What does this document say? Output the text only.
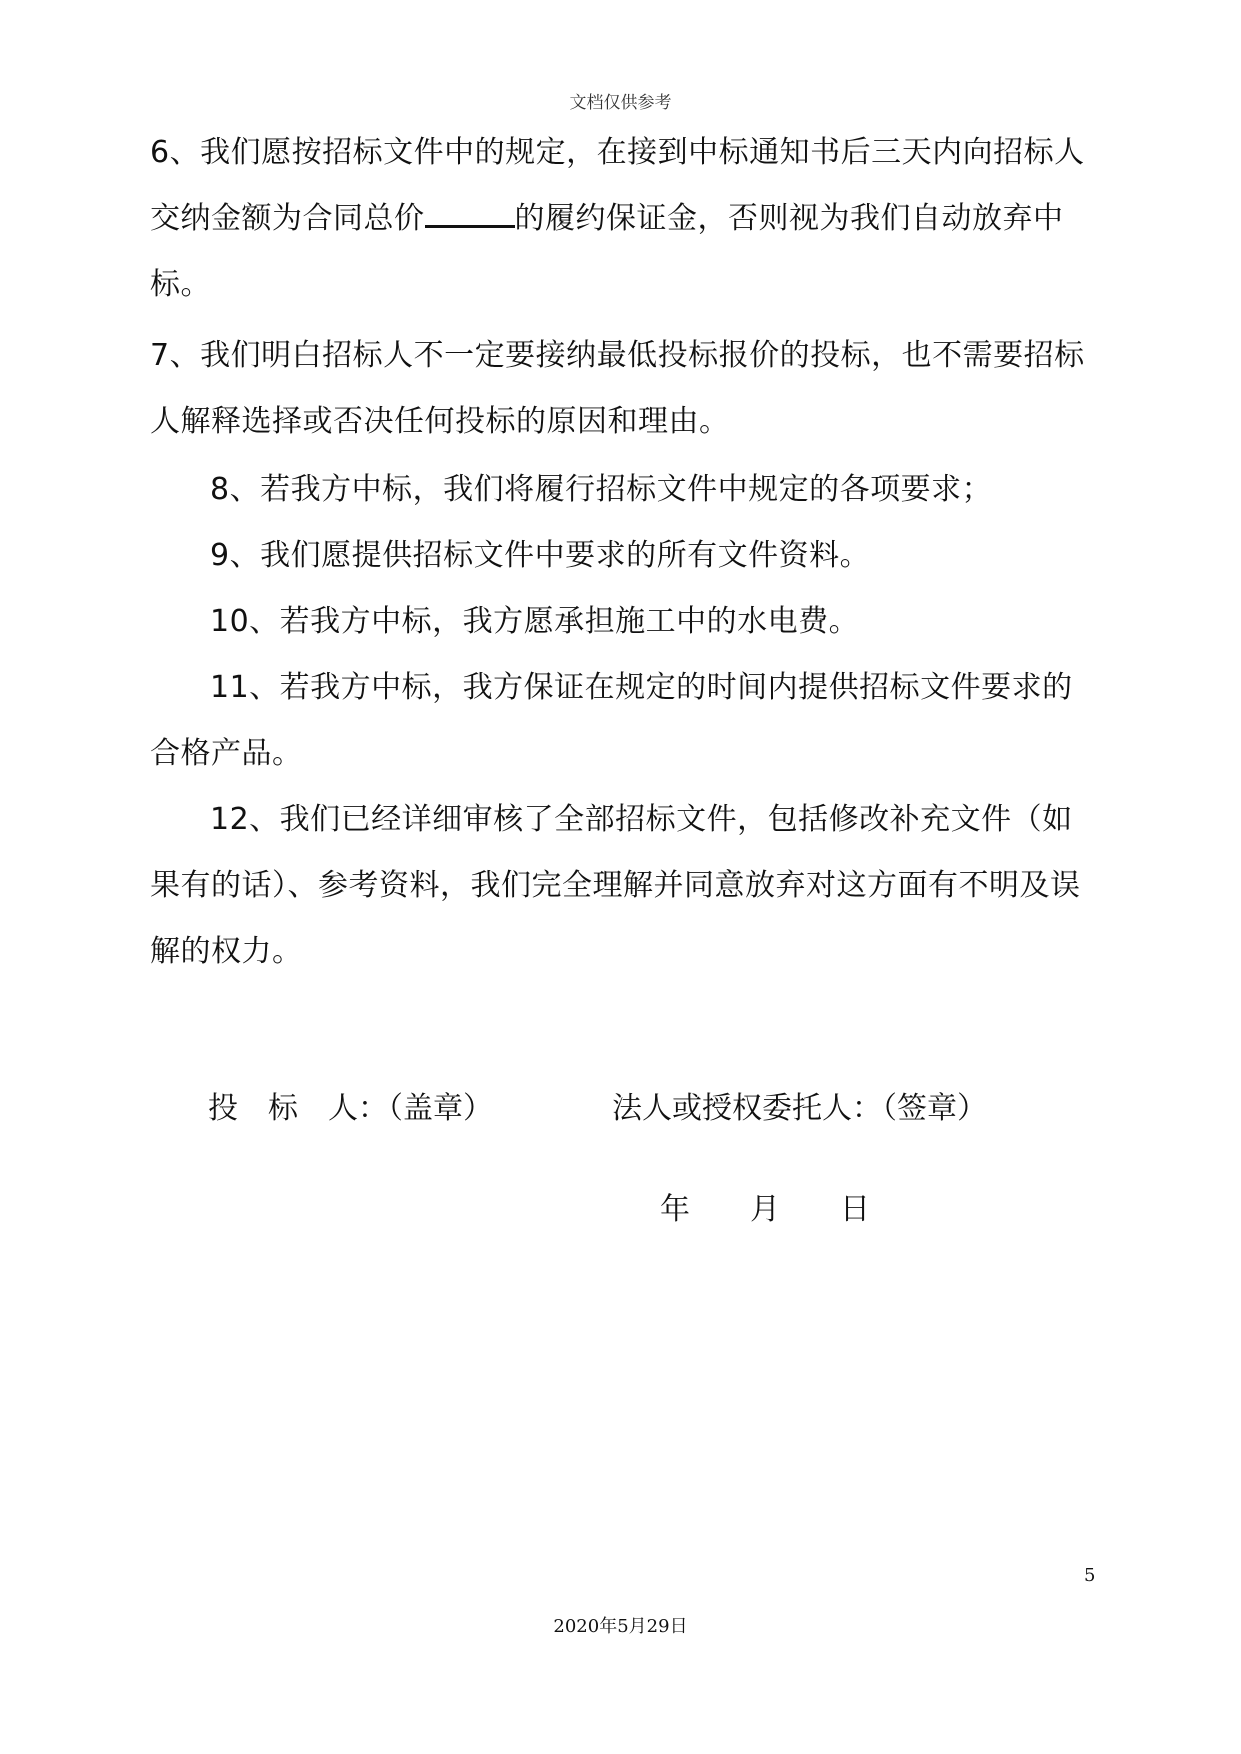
文档仅供参考
6、我们愿按招标文件中的规定，在接到中标通知书后三天内向招标人交纳金额为合同总价	的履约保证金，否则视为我们自动放弃中标。
7、我们明白招标人不一定要接纳最低投标报价的投标，也不需要招标人解释选择或否决任何投标的原因和理由。
8、若我方中标，我们将履行招标文件中规定的各项要求；
9、我们愿提供招标文件中要求的所有文件资料。
10、若我方中标，我方愿承担施工中的水电费。
11、若我方中标，我方保证在规定的时间内提供招标文件要求的合格产品。
12、我们已经详细审核了全部招标文件，包括修改补充文件（如果有的话）、参考资料，我们完全理解并同意放弃对这方面有不明及误解的权力。
投　标　人：（盖章）	法人或授权委托人：（签章）
年　　月　　日
5
2020年5月29日
